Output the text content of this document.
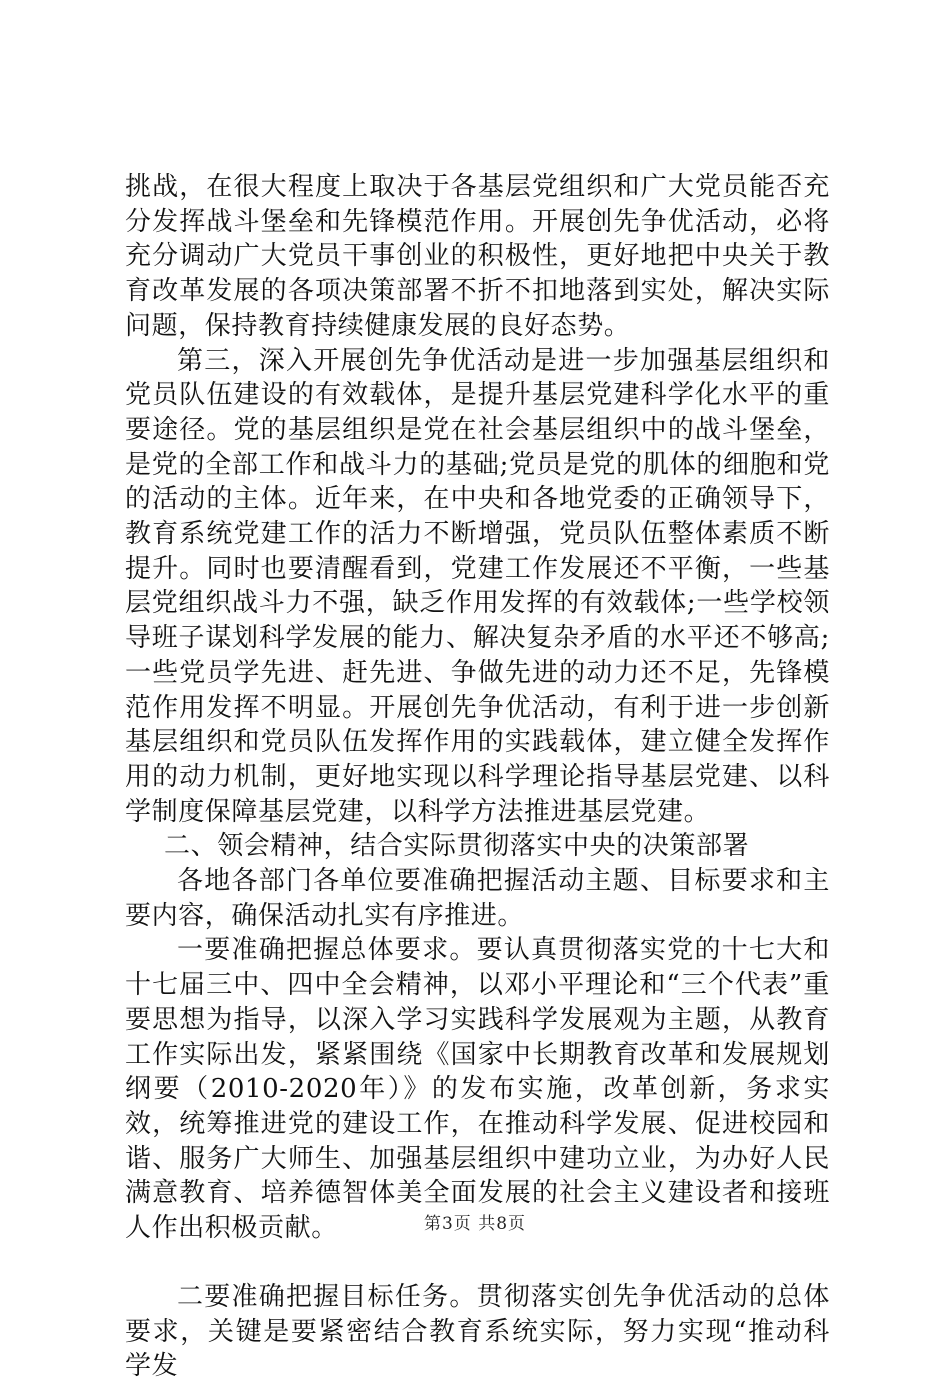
挑战，在很大程度上取决于各基层党组织和广大党员能否充分发挥战斗堡垒和先锋模范作用。开展创先争优活动，必将充分调动广大党员干事创业的积极性，更好地把中央关于教育改革发展的各项决策部署不折不扣地落到实处，解决实际问题，保持教育持续健康发展的良好态势。

第三，深入开展创先争优活动是进一步加强基层组织和党员队伍建设的有效载体，是提升基层党建科学化水平的重要途径。党的基层组织是党在社会基层组织中的战斗堡垒，是党的全部工作和战斗力的基础;党员是党的肌体的细胞和党的活动的主体。近年来，在中央和各地党委的正确领导下，教育系统党建工作的活力不断增强，党员队伍整体素质不断提升。同时也要清醒看到，党建工作发展还不平衡，一些基层党组织战斗力不强，缺乏作用发挥的有效载体;一些学校领导班子谋划科学发展的能力、解决复杂矛盾的水平还不够高;一些党员学先进、赶先进、争做先进的动力还不足，先锋模范作用发挥不明显。开展创先争优活动，有利于进一步创新基层组织和党员队伍发挥作用的实践载体，建立健全发挥作用的动力机制，更好地实现以科学理论指导基层党建、以科学制度保障基层党建，以科学方法推进基层党建。

二、领会精神，结合实际贯彻落实中央的决策部署

各地各部门各单位要准确把握活动主题、目标要求和主要内容，确保活动扎实有序推进。

一要准确把握总体要求。要认真贯彻落实党的十七大和十七届三中、四中全会精神，以邓小平理论和“三个代表”重要思想为指导，以深入学习实践科学发展观为主题，从教育工作实际出发，紧紧围绕《国家中长期教育改革和发展规划纲要（2010-2020年）》的发布实施，改革创新，务求实效，统筹推进党的建设工作，在推动科学发展、促进校园和谐、服务广大师生、加强基层组织中建功立业，为办好人民满意教育、培养德智体美全面发展的社会主义建设者和接班人作出积极贡献。

二要准确把握目标任务。贯彻落实创先争优活动的总体要求，关键是要紧密结合教育系统实际，努力实现“推动科学发

第3页 共8页
